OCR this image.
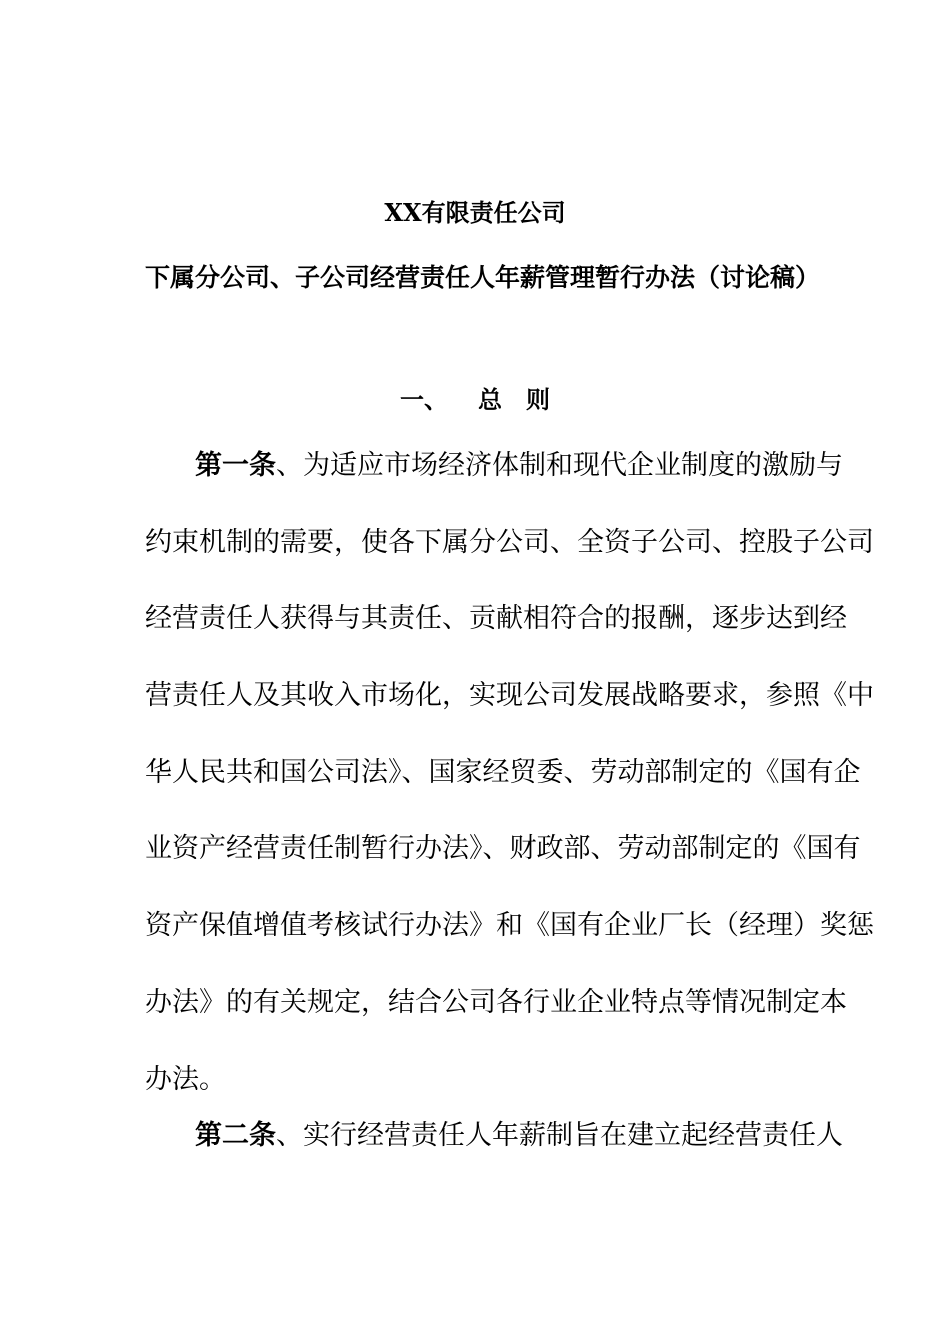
XX有限责任公司
下属分公司、子公司经营责任人年薪管理暂行办法（讨论稿）
一、 总　则
第一条、为适应市场经济体制和现代企业制度的激励与
约束机制的需要，使各下属分公司、全资子公司、控股子公司
经营责任人获得与其责任、贡献相符合的报酬，逐步达到经
营责任人及其收入市场化，实现公司发展战略要求，参照《中
华人民共和国公司法》、国家经贸委、劳动部制定的《国有企
业资产经营责任制暂行办法》、财政部、劳动部制定的《国有
资产保值增值考核试行办法》和《国有企业厂长（经理）奖惩
办法》的有关规定，结合公司各行业企业特点等情况制定本
办法。
第二条、实行经营责任人年薪制旨在建立起经营责任人
